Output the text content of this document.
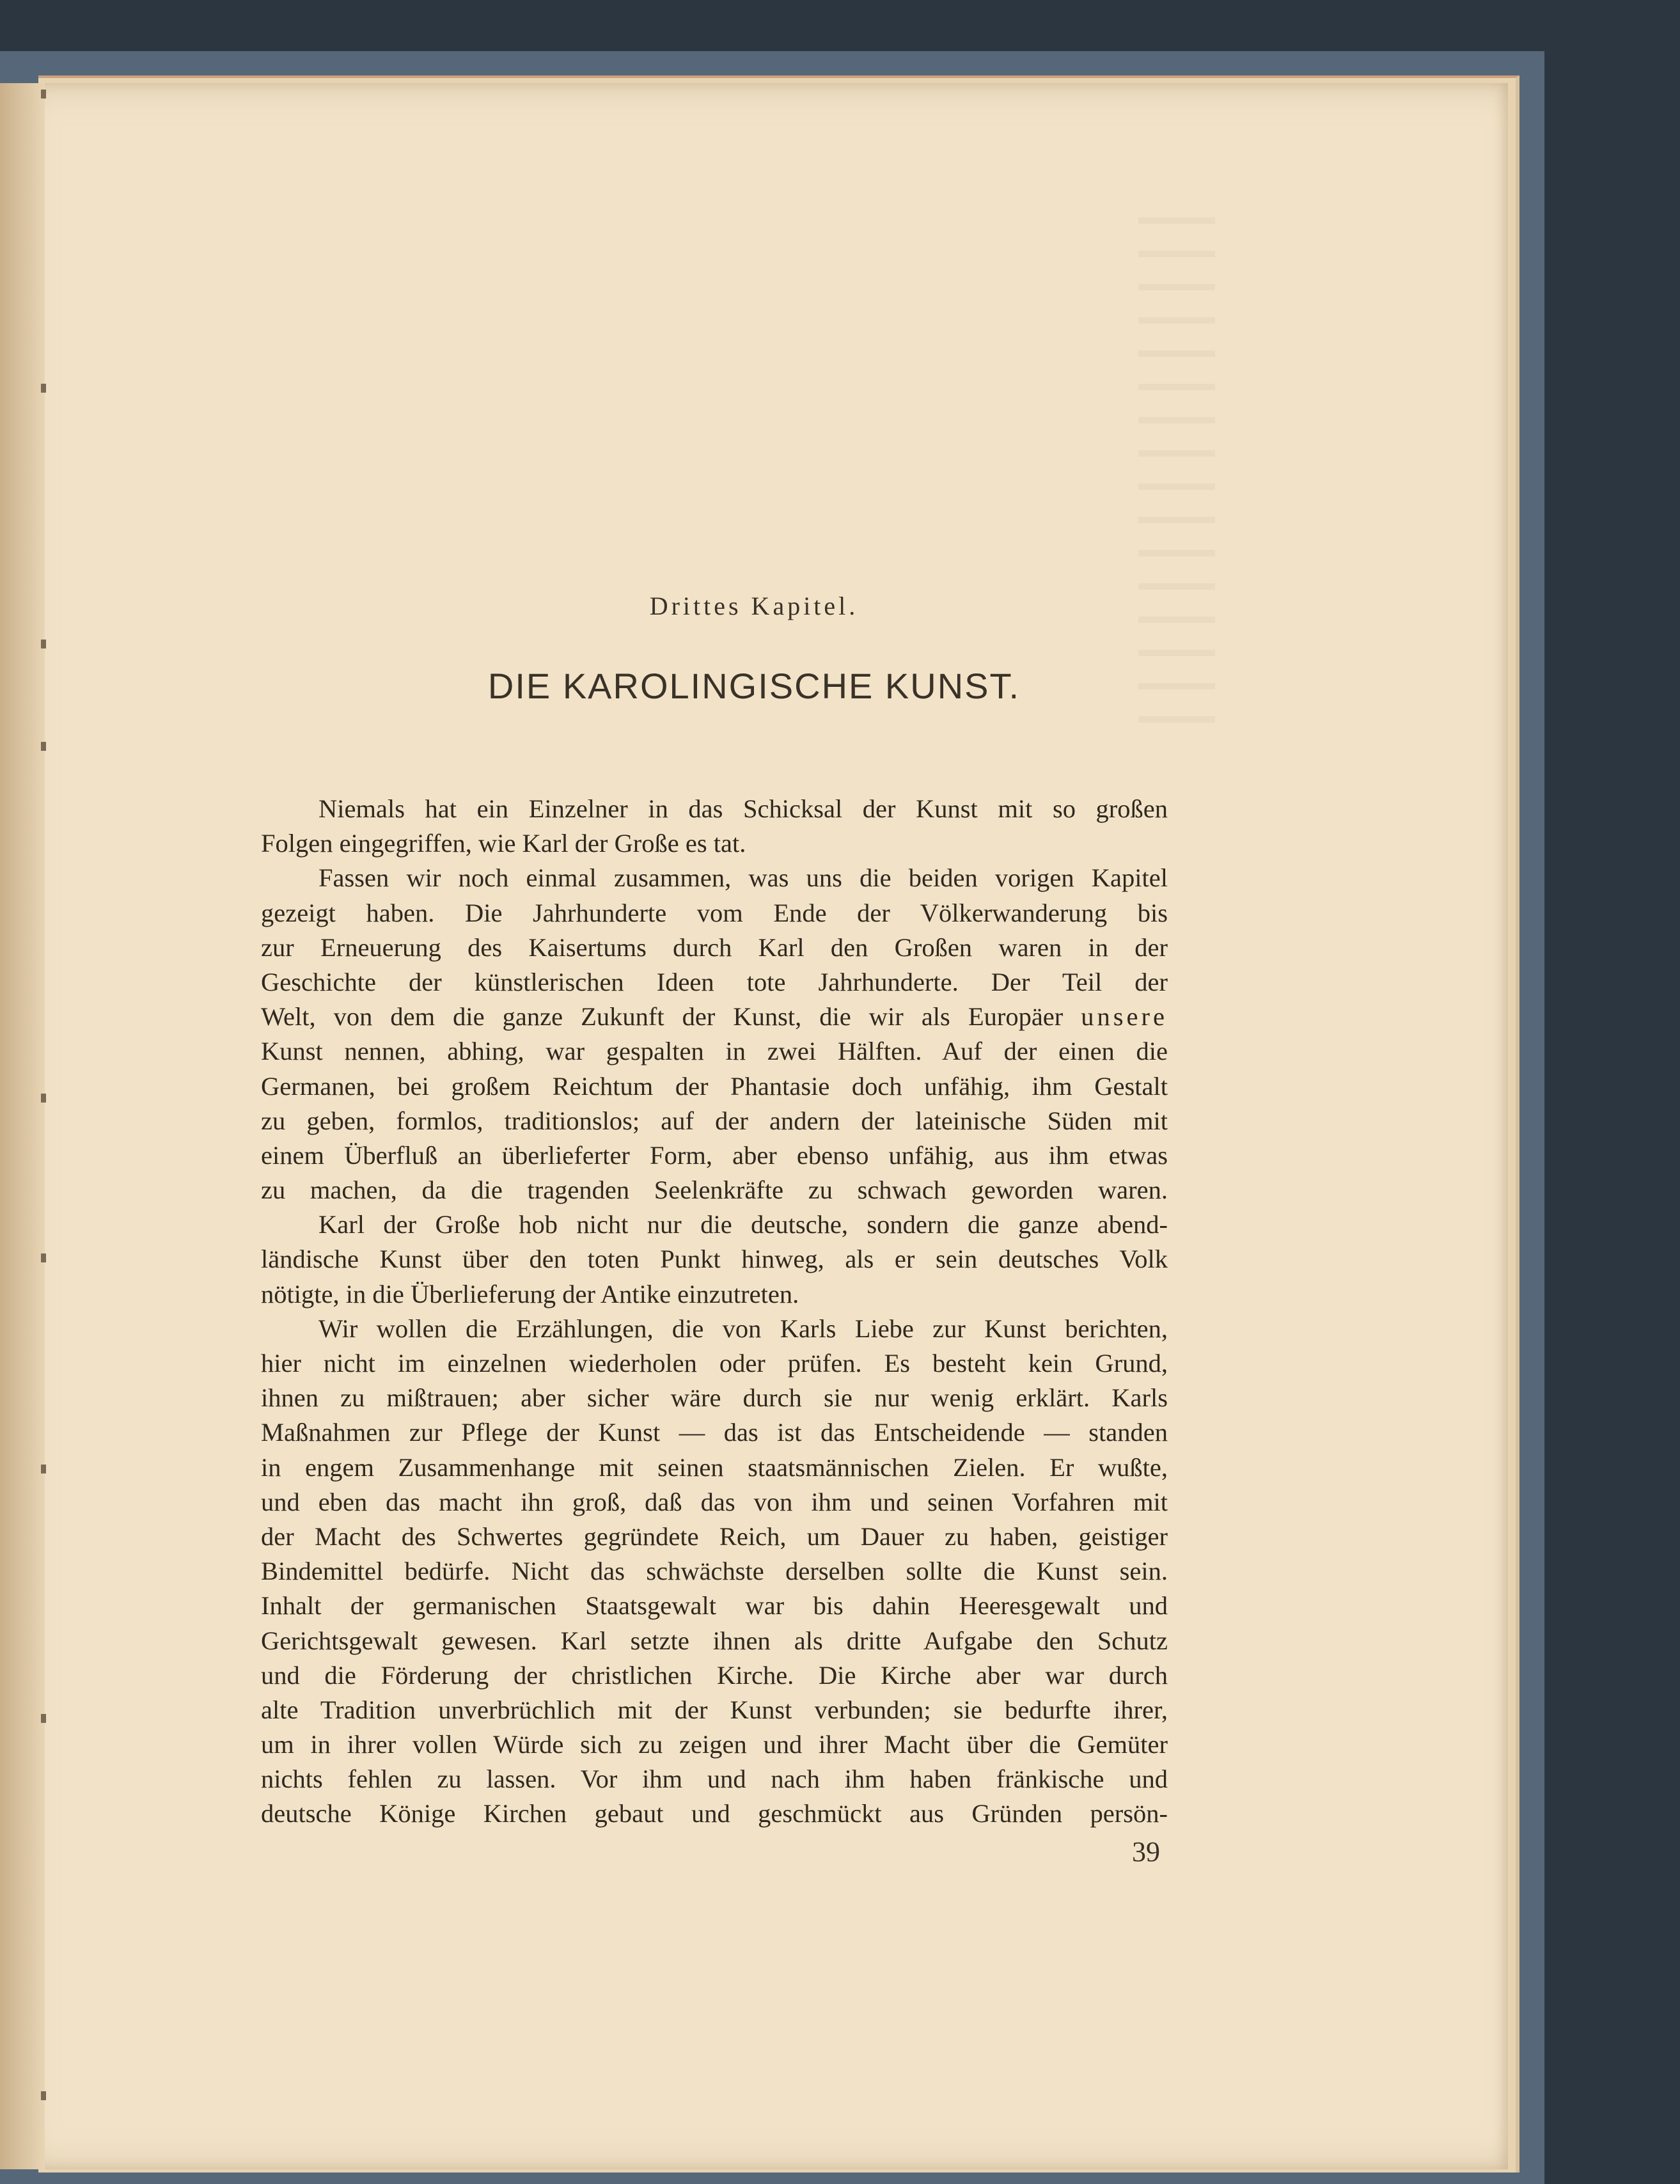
Drittes Kapitel.
DIE KAROLINGISCHE KUNST.
Niemals hat ein Einzelner in das Schicksal der Kunst mit so großen
Folgen eingegriffen, wie Karl der Große es tat.
Fassen wir noch einmal zusammen, was uns die beiden vorigen Kapitel
gezeigt haben. Die Jahrhunderte vom Ende der Völkerwanderung bis
zur Erneuerung des Kaisertums durch Karl den Großen waren in der
Geschichte der künstlerischen Ideen tote Jahrhunderte. Der Teil der
Welt, von dem die ganze Zukunft der Kunst, die wir als Europäer unsere
Kunst nennen, abhing, war gespalten in zwei Hälften. Auf der einen die
Germanen, bei großem Reichtum der Phantasie doch unfähig, ihm Gestalt
zu geben, formlos, traditionslos; auf der andern der lateinische Süden mit
einem Überfluß an überlieferter Form, aber ebenso unfähig, aus ihm etwas
zu machen, da die tragenden Seelenkräfte zu schwach geworden waren.
Karl der Große hob nicht nur die deutsche, sondern die ganze abend-
ländische Kunst über den toten Punkt hinweg, als er sein deutsches Volk
nötigte, in die Überlieferung der Antike einzutreten.
Wir wollen die Erzählungen, die von Karls Liebe zur Kunst berichten,
hier nicht im einzelnen wiederholen oder prüfen. Es besteht kein Grund,
ihnen zu mißtrauen; aber sicher wäre durch sie nur wenig erklärt. Karls
Maßnahmen zur Pflege der Kunst — das ist das Entscheidende — standen
in engem Zusammenhange mit seinen staatsmännischen Zielen. Er wußte,
und eben das macht ihn groß, daß das von ihm und seinen Vorfahren mit
der Macht des Schwertes gegründete Reich, um Dauer zu haben, geistiger
Bindemittel bedürfe. Nicht das schwächste derselben sollte die Kunst sein.
Inhalt der germanischen Staatsgewalt war bis dahin Heeresgewalt und
Gerichtsgewalt gewesen. Karl setzte ihnen als dritte Aufgabe den Schutz
und die Förderung der christlichen Kirche. Die Kirche aber war durch
alte Tradition unverbrüchlich mit der Kunst verbunden; sie bedurfte ihrer,
um in ihrer vollen Würde sich zu zeigen und ihrer Macht über die Gemüter
nichts fehlen zu lassen. Vor ihm und nach ihm haben fränkische und
deutsche Könige Kirchen gebaut und geschmückt aus Gründen persön-
39
